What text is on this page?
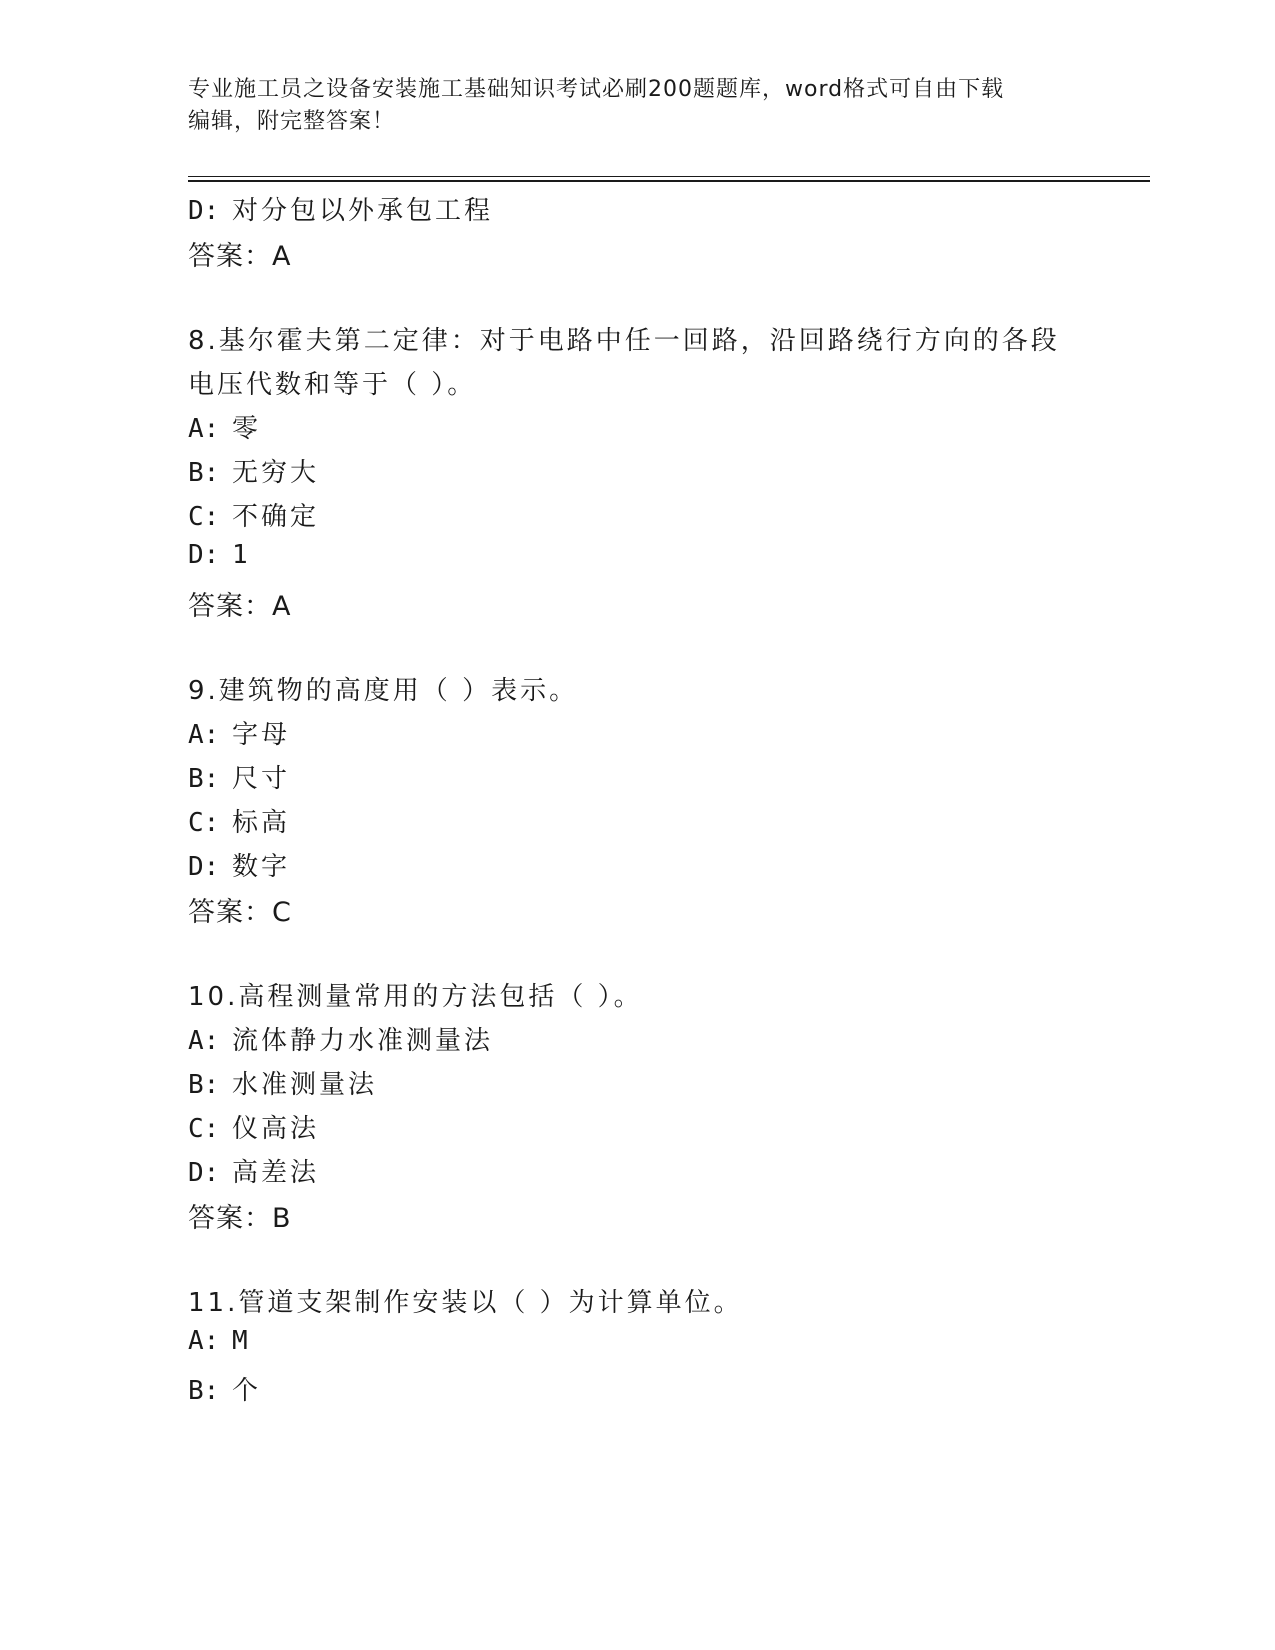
专业施工员之设备安装施工基础知识考试必刷200题题库，word格式可自由下载
编辑，附完整答案！
D: 对分包以外承包工程
答案：A
8.基尔霍夫第二定律：对于电路中任一回路，沿回路绕行方向的各段
电压代数和等于（ ）。
A: 零
B: 无穷大
C: 不确定
D: 1
答案：A
9.建筑物的高度用（ ）表示。
A: 字母
B: 尺寸
C: 标高
D: 数字
答案：C
10.高程测量常用的方法包括（ ）。
A: 流体静力水准测量法
B: 水准测量法
C: 仪高法
D: 高差法
答案：B
11.管道支架制作安装以（ ）为计算单位。
A: M
B: 个
